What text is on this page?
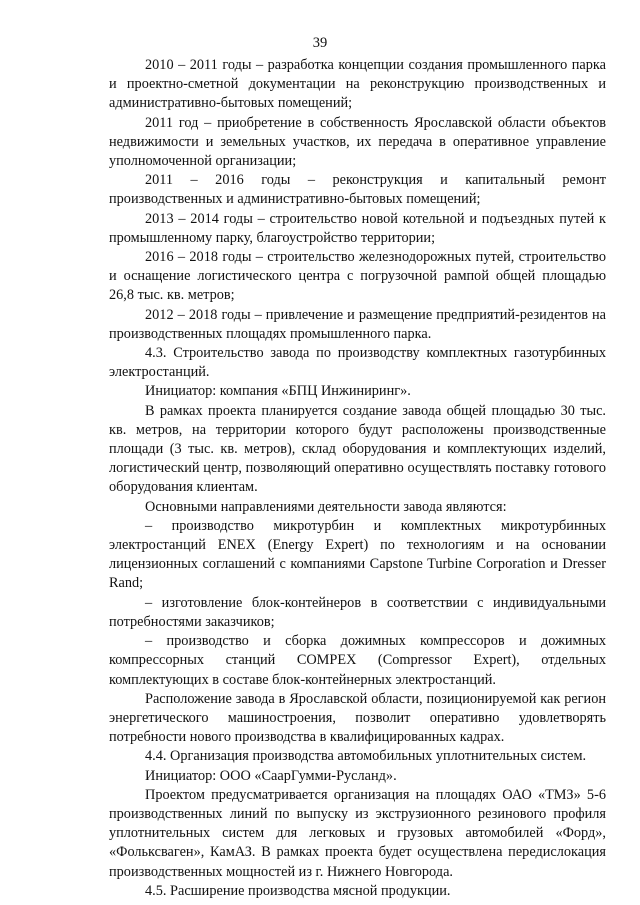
39

2010 – 2011 годы – разработка концепции создания промышленного парка и проектно-сметной документации на реконструкцию производственных и административно-бытовых помещений;

2011 год – приобретение в собственность Ярославской области объектов недвижимости и земельных участков, их передача в оперативное управление уполномоченной организации;

2011 – 2016 годы – реконструкция и капитальный ремонт производственных и административно-бытовых помещений;

2013 – 2014 годы – строительство новой котельной и подъездных путей к промышленному парку, благоустройство территории;

2016 – 2018 годы – строительство железнодорожных путей, строительство и оснащение логистического центра с погрузочной рампой общей площадью 26,8 тыс. кв. метров;

2012 – 2018 годы – привлечение и размещение предприятий-резидентов на производственных площадях промышленного парка.

4.3. Строительство завода по производству комплектных газотурбинных электростанций.

Инициатор: компания «БПЦ Инжиниринг».

В рамках проекта планируется создание завода общей площадью 30 тыс. кв. метров, на территории которого будут расположены производственные площади (3 тыс. кв. метров), склад оборудования и комплектующих изделий, логистический центр, позволяющий оперативно осуществлять поставку готового оборудования клиентам.

Основными направлениями деятельности завода являются:

– производство микротурбин и комплектных микротурбинных электростанций ENEX (Energy Expert) по технологиям и на основании лицензионных соглашений с компаниями Capstone Turbine Corporation и Dresser Rand;

– изготовление блок-контейнеров в соответствии с индивидуальными потребностями заказчиков;

– производство и сборка дожимных компрессоров и дожимных компрессорных станций COMPEX (Compressor Expert), отдельных комплектующих в составе блок-контейнерных электростанций.

Расположение завода в Ярославской области, позиционируемой как регион энергетического машиностроения, позволит оперативно удовлетворять потребности нового производства в квалифицированных кадрах.

4.4. Организация производства автомобильных уплотнительных систем.

Инициатор: ООО «СаарГумми-Русланд».

Проектом предусматривается организация на площадях ОАО «ТМЗ» 5-6 производственных линий по выпуску из экструзионного резинового профиля уплотнительных систем для легковых и грузовых автомобилей «Форд», «Фольксваген», КамАЗ. В рамках проекта будет осуществлена передислокация производственных мощностей из г. Нижнего Новгорода.

4.5. Расширение производства мясной продукции.
